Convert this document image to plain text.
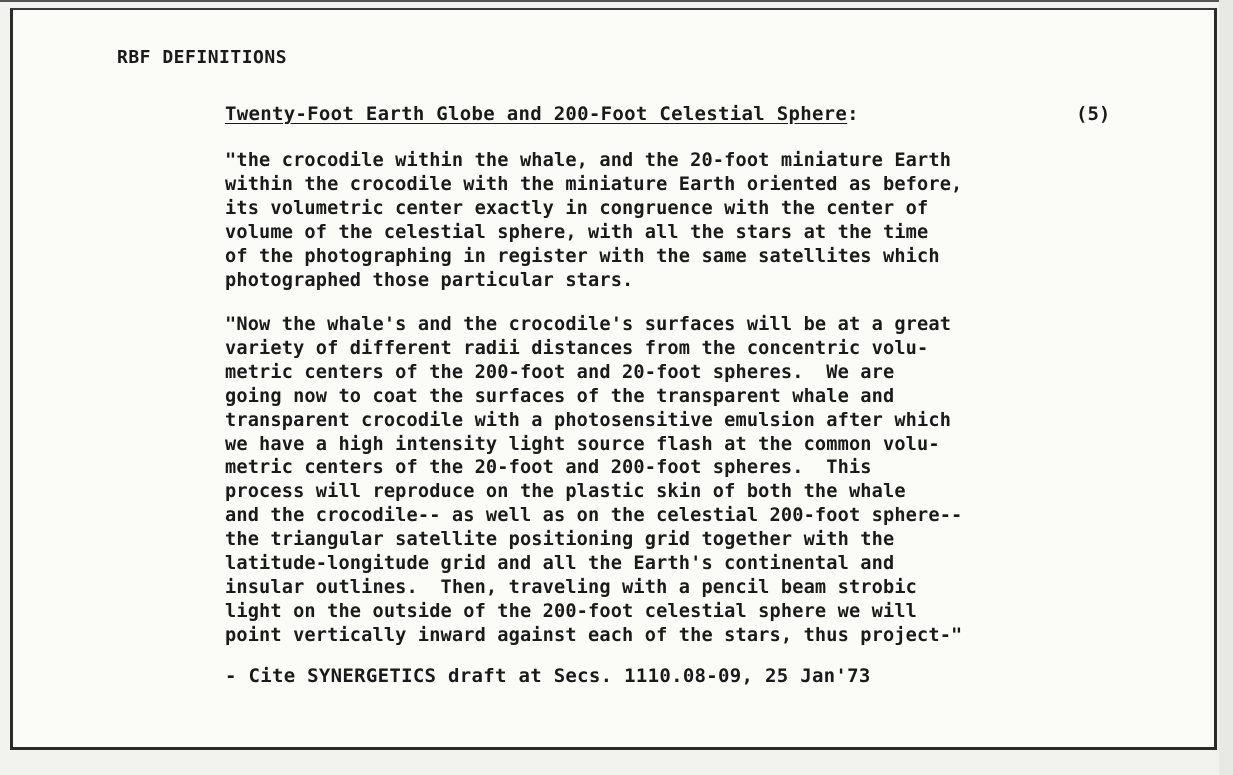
RBF DEFINITIONS
Twenty-Foot Earth Globe and 200-Foot Celestial Sphere:	(5)

"the crocodile within the whale, and the 20-foot miniature Earth
within the crocodile with the miniature Earth oriented as before,
its volumetric center exactly in congruence with the center of
volume of the celestial sphere, with all the stars at the time
of the photographing in register with the same satellites which
photographed those particular stars.

"Now the whale's and the crocodile's surfaces will be at a great
variety of different radii distances from the concentric volu-
metric centers of the 200-foot and 20-foot spheres.  We are
going now to coat the surfaces of the transparent whale and
transparent crocodile with a photosensitive emulsion after which
we have a high intensity light source flash at the common volu-
metric centers of the 20-foot and 200-foot spheres.  This
process will reproduce on the plastic skin of both the whale
and the crocodile-- as well as on the celestial 200-foot sphere--
the triangular satellite positioning grid together with the
latitude-longitude grid and all the Earth's continental and
insular outlines.  Then, traveling with a pencil beam strobic
light on the outside of the 200-foot celestial sphere we will
point vertically inward against each of the stars, thus project-"

- Cite SYNERGETICS draft at Secs. 1110.08-09, 25 Jan'73
